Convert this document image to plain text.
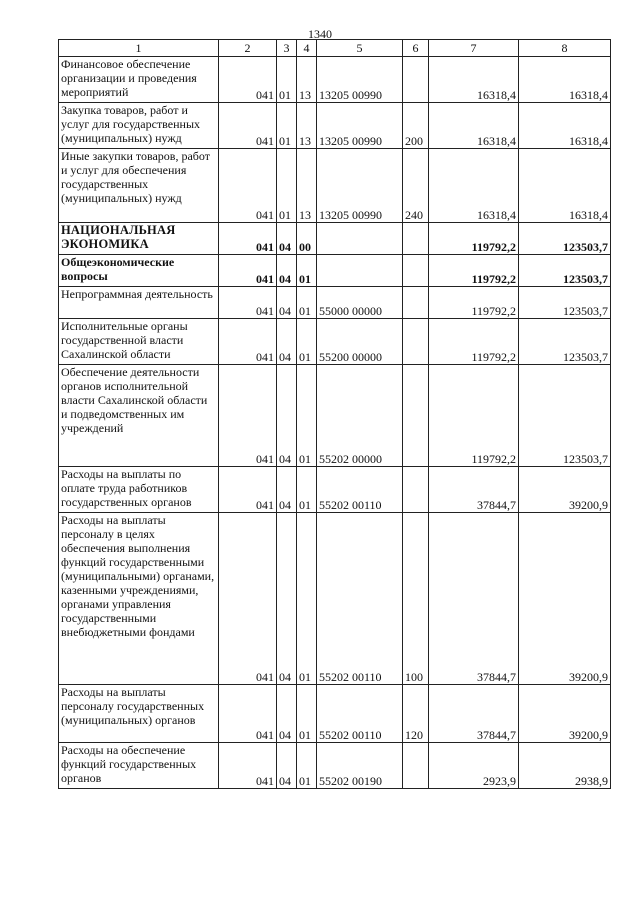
1340
1	2	3	4	5	6	7	8
Финансовое обеспечение организации и проведения мероприятий	041	01	13	13205 00990		16318,4	16318,4
Закупка товаров, работ и услуг для государственных (муниципальных) нужд	041	01	13	13205 00990	200	16318,4	16318,4
Иные закупки товаров, работ и услуг для обеспечения государственных (муниципальных) нужд	041	01	13	13205 00990	240	16318,4	16318,4
НАЦИОНАЛЬНАЯ ЭКОНОМИКА	041	04	00			119792,2	123503,7
Общеэкономические вопросы	041	04	01			119792,2	123503,7
Непрограммная деятельность	041	04	01	55000 00000		119792,2	123503,7
Исполнительные органы государственной власти Сахалинской области	041	04	01	55200 00000		119792,2	123503,7
Обеспечение деятельности органов исполнительной власти Сахалинской области и подведомственных им учреждений	041	04	01	55202 00000		119792,2	123503,7
Расходы на выплаты по оплате труда работников государственных органов	041	04	01	55202 00110		37844,7	39200,9
Расходы на выплаты персоналу в целях обеспечения выполнения функций государственными (муниципальными) органами, казенными учреждениями, органами управления государственными внебюджетными фондами	041	04	01	55202 00110	100	37844,7	39200,9
Расходы на выплаты персоналу государственных (муниципальных) органов	041	04	01	55202 00110	120	37844,7	39200,9
Расходы на обеспечение функций государственных органов	041	04	01	55202 00190		2923,9	2938,9
